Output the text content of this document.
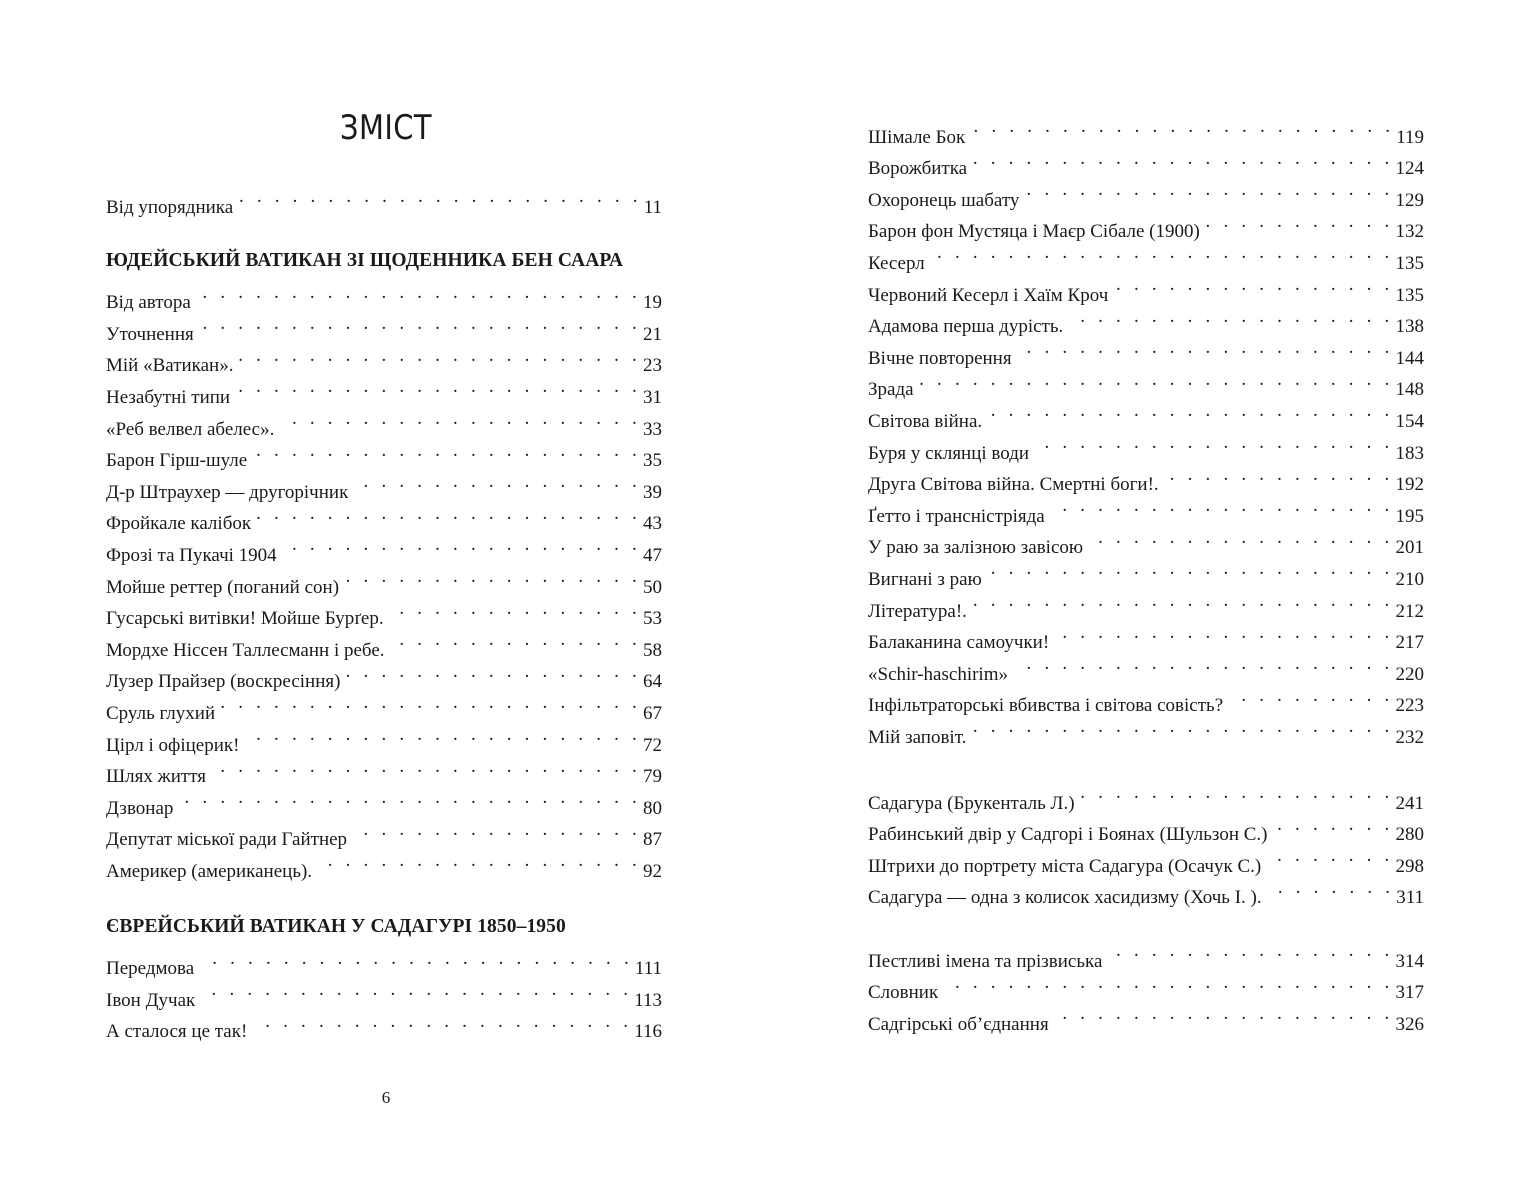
ЗМІСТ
Від упорядника . . .	11
ЮДЕЙСЬКИЙ ВАТИКАН ЗІ ЩОДЕННИКА БЕН СААРА
Від автора . . .	19
Уточнення . . .	21
Мій «Ватикан». . . .	23
Незабутні типи . . .	31
«Реб велвел абелес». . . .	33
Барон Гірш-шуле . . .	35
Д-р Штраухер — другорічник . . .	39
Фройкале калібок . . .	43
Фрозі та Пукачі 1904 . . .	47
Мойше реттер (поганий сон) . . .	50
Гусарські витівки! Мойше Бурґер. . . .	53
Мордхе Ніссен Таллесманн і ребе. . . .	58
Лузер Прайзер (воскресіння) . . .	64
Сруль глухий . . .	67
Цірл і офіцерик! . . .	72
Шлях життя . . .	79
Дзвонар . . .	80
Депутат міської ради Гайтнер . . .	87
Америкер (американець). . . .	92
ЄВРЕЙСЬКИЙ ВАТИКАН У САДАГУРІ 1850–1950
Передмова . . .	111
Івон Дучак . . .	113
А сталося це так! . . .	116
6
Шімале Бок . . .	119
Ворожбитка . . .	124
Охоронець шабату . . .	129
Барон фон Мустяца і Маєр Сібале (1900) . . .	132
Кесерл . . .	135
Червоний Кесерл і Хаїм Кроч . . .	135
Адамова перша дурість. . . .	138
Вічне повторення . . .	144
Зрада . . .	148
Світова війна. . . .	154
Буря у склянці води . . .	183
Друга Світова війна. Смертні боги!. . . .	192
Ґетто і трансністріяда . . .	195
У раю за залізною завісою . . .	201
Вигнані з раю . . .	210
Література!. . . .	212
Балаканина самоучки! . . .	217
«Schir-haschirim» . . .	220
Інфільтраторські вбивства і світова совість? . . .	223
Мій заповіт. . . .	232
Садагура (Брукенталь Л.) . . .	241
Рабинський двір у Садгорі і Боянах (Шульзон С.) . . .	280
Штрихи до портрету міста Садагура (Осачук С.) . . .	298
Садагура — одна з колисок хасидизму (Хочь І. ). . . .	311
Пестливі імена та прізвиська . . .	314
Словник . . .	317
Садгірські об’єднання . . .	326
